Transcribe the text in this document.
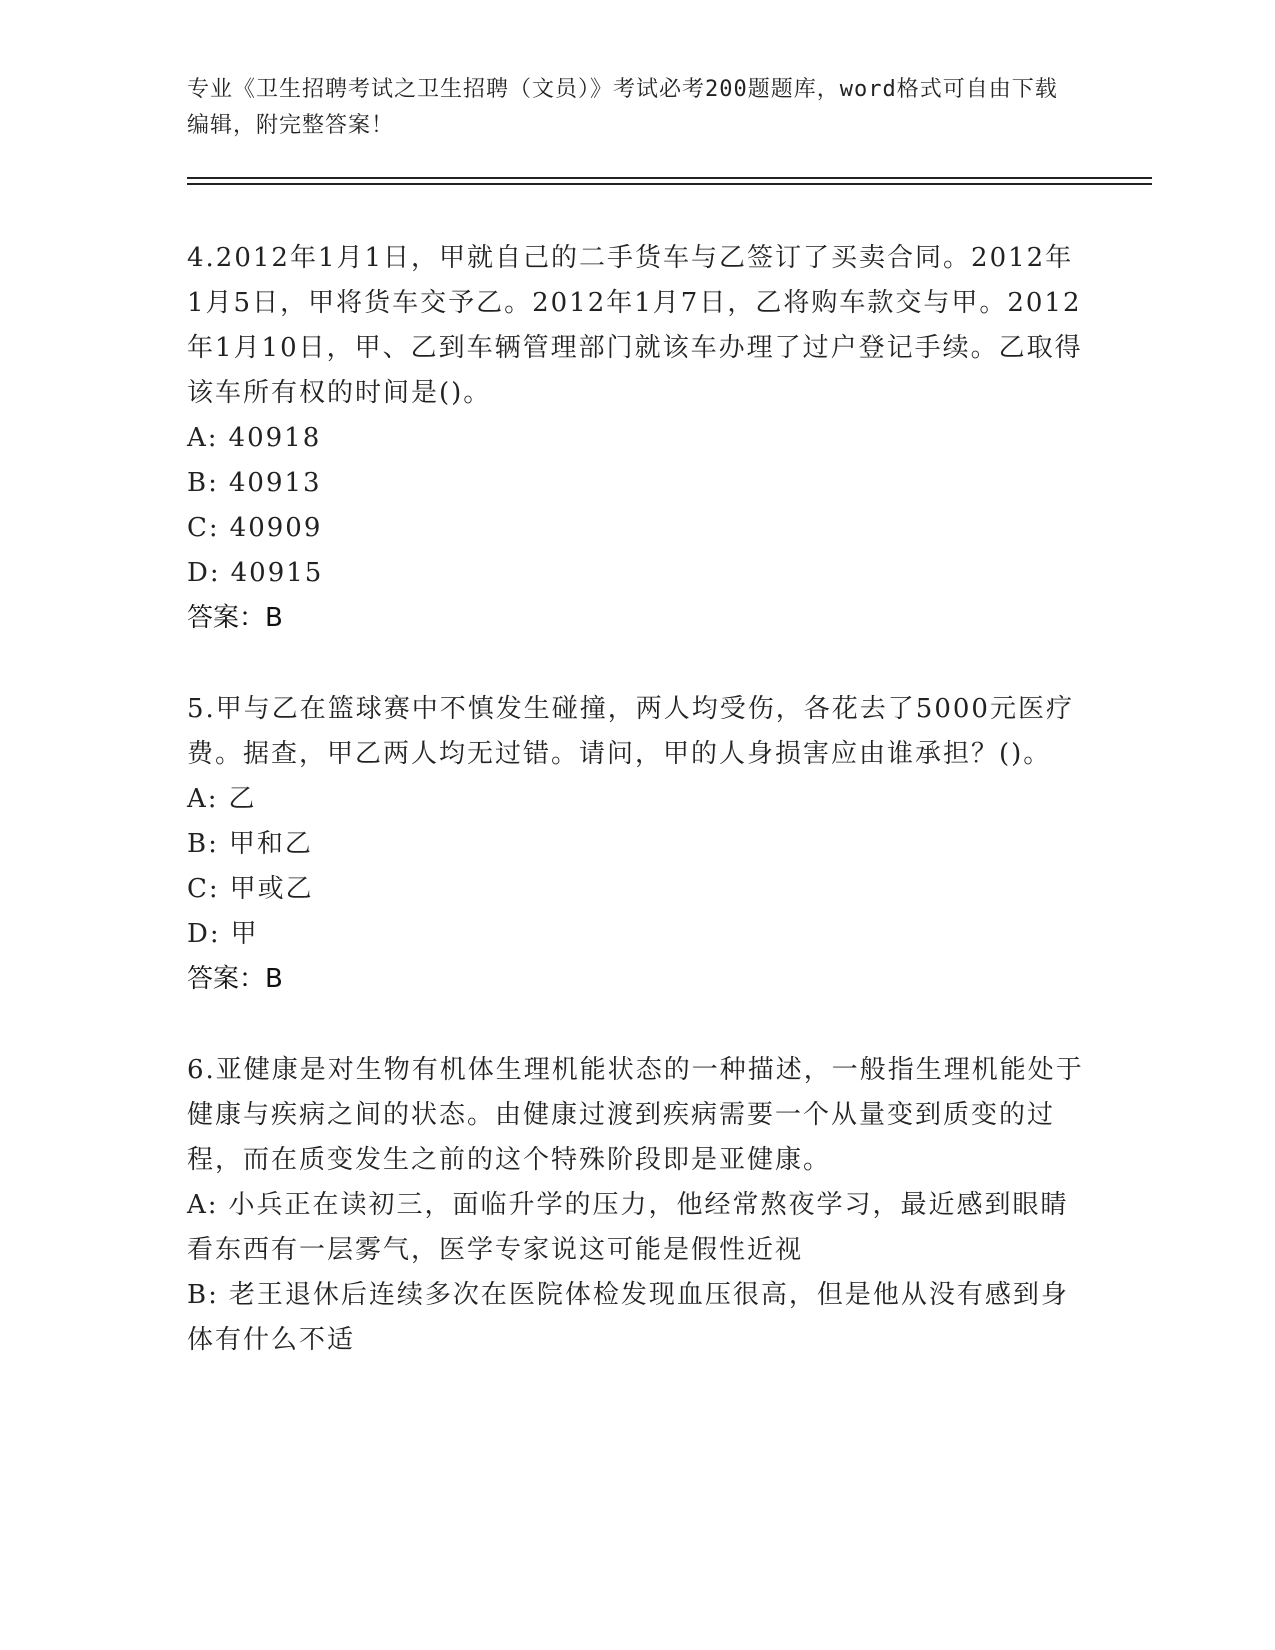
专业《卫生招聘考试之卫生招聘（文员）》考试必考200题题库，word格式可自由下载编辑，附完整答案！
4.2012年1月1日，甲就自己的二手货车与乙签订了买卖合同。2012年1月5日，甲将货车交予乙。2012年1月7日，乙将购车款交与甲。2012年1月10日，甲、乙到车辆管理部门就该车办理了过户登记手续。乙取得该车所有权的时间是()。
A: 40918
B: 40913
C: 40909
D: 40915
答案：B
5.甲与乙在篮球赛中不慎发生碰撞，两人均受伤，各花去了5000元医疗费。据查，甲乙两人均无过错。请问，甲的人身损害应由谁承担？()。
A: 乙
B: 甲和乙
C: 甲或乙
D: 甲
答案：B
6.亚健康是对生物有机体生理机能状态的一种描述，一般指生理机能处于健康与疾病之间的状态。由健康过渡到疾病需要一个从量变到质变的过程，而在质变发生之前的这个特殊阶段即是亚健康。
A: 小兵正在读初三，面临升学的压力，他经常熬夜学习，最近感到眼睛看东西有一层雾气，医学专家说这可能是假性近视
B: 老王退休后连续多次在医院体检发现血压很高，但是他从没有感到身体有什么不适
